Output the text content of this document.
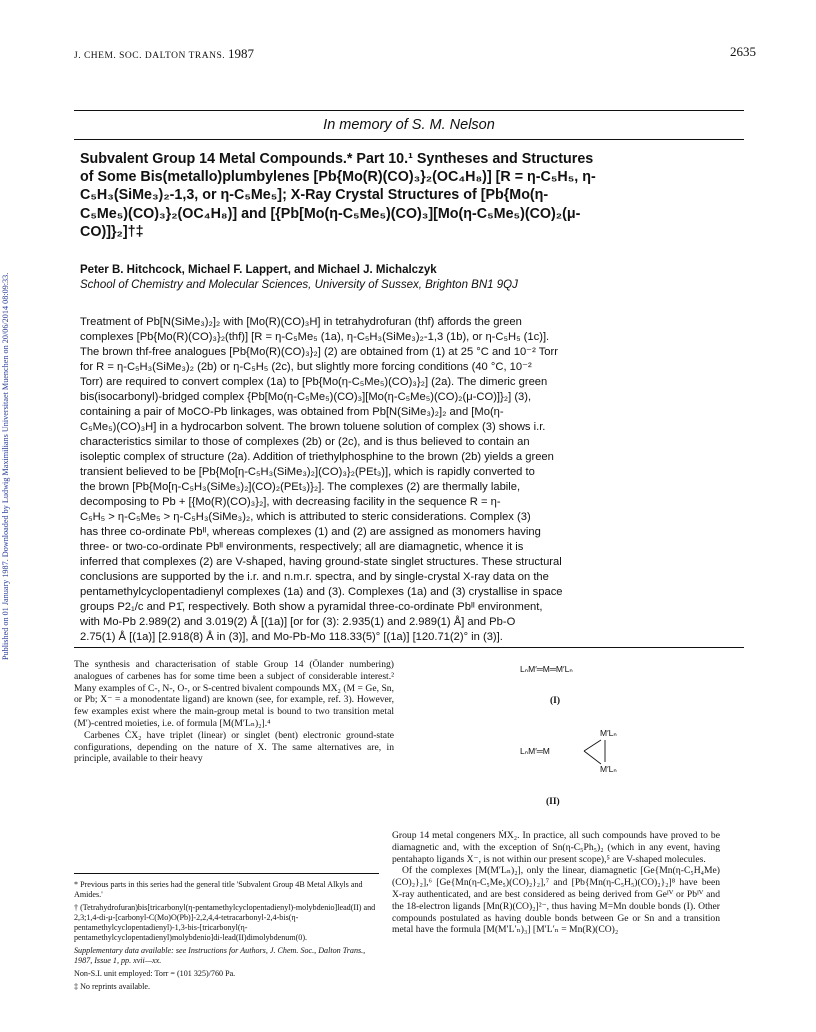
Published on 01 January 1987. Downloaded by Ludwig Maximilians Universitaet Muenchen on 20/06/2014 08:09:33.
J. CHEM. SOC. DALTON TRANS. 1987	2635
In memory of S. M. Nelson
Subvalent Group 14 Metal Compounds.* Part 10.¹ Syntheses and Structures
of Some Bis(metallo)plumbylenes [Pb{Mo(R)(CO)₃}₂(OC₄H₈)] [R = η-C₅H₅, η-
C₅H₃(SiMe₃)₂-1,3, or η-C₅Me₅]; X-Ray Crystal Structures of [Pb{Mo(η-
C₅Me₅)(CO)₃}₂(OC₄H₈)] and [{Pb[Mo(η-C₅Me₅)(CO)₃][Mo(η-C₅Me₅)(CO)₂(μ-
CO)]}₂]†‡
Peter B. Hitchcock, Michael F. Lappert, and Michael J. Michalczyk
School of Chemistry and Molecular Sciences, University of Sussex, Brighton BN1 9QJ
Treatment of Pb[N(SiMe₃)₂]₂ with [Mo(R)(CO)₃H] in tetrahydrofuran (thf) affords the green
complexes [Pb{Mo(R)(CO)₃}₂(thf)] [R = η-C₅Me₅ (1a), η-C₅H₃(SiMe₃)₂-1,3 (1b), or η-C₅H₅ (1c)].
The brown thf-free analogues [Pb{Mo(R)(CO)₃}₂] (2) are obtained from (1) at 25 °C and 10⁻² Torr
for R = η-C₅H₃(SiMe₃)₂ (2b) or η-C₅H₅ (2c), but slightly more forcing conditions (40 °C, 10⁻²
Torr) are required to convert complex (1a) to [Pb{Mo(η-C₅Me₅)(CO)₃}₂] (2a). The dimeric green
bis(isocarbonyl)-bridged complex {Pb[Mo(η-C₅Me₅)(CO)₃][Mo(η-C₅Me₅)(CO)₂(μ-CO)]}₂] (3),
containing a pair of MoCO-Pb linkages, was obtained from Pb[N(SiMe₃)₂]₂ and [Mo(η-
C₅Me₅)(CO)₃H] in a hydrocarbon solvent. The brown toluene solution of complex (3) shows i.r.
characteristics similar to those of complexes (2b) or (2c), and is thus believed to contain an
isoleptic complex of structure (2a). Addition of triethylphosphine to the brown (2b) yields a green
transient believed to be [Pb{Mo[η-C₅H₃(SiMe₃)₂](CO)₃}₂(PEt₃)], which is rapidly converted to
the brown [Pb{Mo[η-C₅H₃(SiMe₃)₂](CO)₂(PEt₃)}₂]. The complexes (2) are thermally labile,
decomposing to Pb + [{Mo(R)(CO)₃}₂], with decreasing facility in the sequence R = η-
C₅H₅ > η-C₅Me₅ > η-C₅H₃(SiMe₃)₂, which is attributed to steric considerations. Complex (3)
has three co-ordinate Pbᴵᴵ, whereas complexes (1) and (2) are assigned as monomers having
three- or two-co-ordinate Pbᴵᴵ environments, respectively; all are diamagnetic, whence it is
inferred that complexes (2) are V-shaped, having ground-state singlet structures. These structural
conclusions are supported by the i.r. and n.m.r. spectra, and by single-crystal X-ray data on the
pentamethylcyclopentadienyl complexes (1a) and (3). Complexes (1a) and (3) crystallise in space
groups P2₁/c and P1̄, respectively. Both show a pyramidal three-co-ordinate Pbᴵᴵ environment,
with Mo-Pb 2.989(2) and 3.019(2) Å [(1a)] [or for (3): 2.935(1) and 2.989(1) Å] and Pb-O
2.75(1) Å [(1a)] [2.918(8) Å in (3)], and Mo-Pb-Mo 118.33(5)° [(1a)] [120.71(2)° in (3)].

The synthesis and characterisation of stable Group 14 (Ölander numbering) analogues of carbenes has for some time been a subject of considerable interest.² Many examples of C-, N-, O-, or S-centred bivalent compounds MX₂ (M = Ge, Sn, or Pb; X⁻ = a monodentate ligand) are known (see, for example, ref. 3). However, few examples exist where the main-group metal is bound to two transition metal (M′)-centred moieties, i.e. of formula [M(M′Lₙ)₂].⁴

Carbenes ĊX₂ have triplet (linear) or singlet (bent) electronic ground-state configurations, depending on the nature of X. The same alternatives are, in principle, available to their heavy

* Previous parts in this series had the general title 'Subvalent Group 4B Metal Alkyls and Amides.'

† (Tetrahydrofuran)bis[tricarbonyl(η-pentamethylcyclopentadienyl)-molybdenio]lead(II) and 2,3;1,4-di-μ-[carbonyl-C(Mo)O(Pb)]-2,2,4,4-tetracarbonyl-2,4-bis(η-pentamethylcyclopentadienyl)-1,3-bis-[tricarbonyl(η-pentamethylcyclopentadienyl)molybdenio]di-lead(II)dimolybdenum(0).

Supplementary data available: see Instructions for Authors, J. Chem. Soc., Dalton Trans., 1987, Issue 1, pp. xvii—xx.

Non-S.I. unit employed: Torr = (101 325)/760 Pa.

‡ No reprints available.

LₙM′═M═M′Lₙ
(I)
M′Lₙ
LₙM′═M
M′Lₙ
(II)

Group 14 metal congeners ṀX₂. In practice, all such compounds have proved to be diamagnetic and, with the exception of Sn(η-C₅Ph₅)₂ (which in any event, having pentahapto ligands X⁻, is not within our present scope),⁵ are V-shaped molecules.

Of the complexes [M(M′Lₙ)₂], only the linear, diamagnetic [Ge{Mn(η-C₅H₄Me)(CO)₂}₂],⁶ [Ge{Mn(η-C₅Me₅)(CO)₂}₂],⁷ and [Pb{Mn(η-C₅H₅)(CO)₂}₂]⁸ have been X-ray authenticated, and are best considered as being derived from Geᴵⱽ or Pbᴵⱽ and the 18-electron ligands [Mn(R)(CO)₂]²⁻, thus having M=Mn double bonds (I). Other compounds postulated as having double bonds between Ge or Sn and a transition metal have the formula [M(M′L′ₙ)₃] [M′L′ₙ = Mn(R)(CO)₂
